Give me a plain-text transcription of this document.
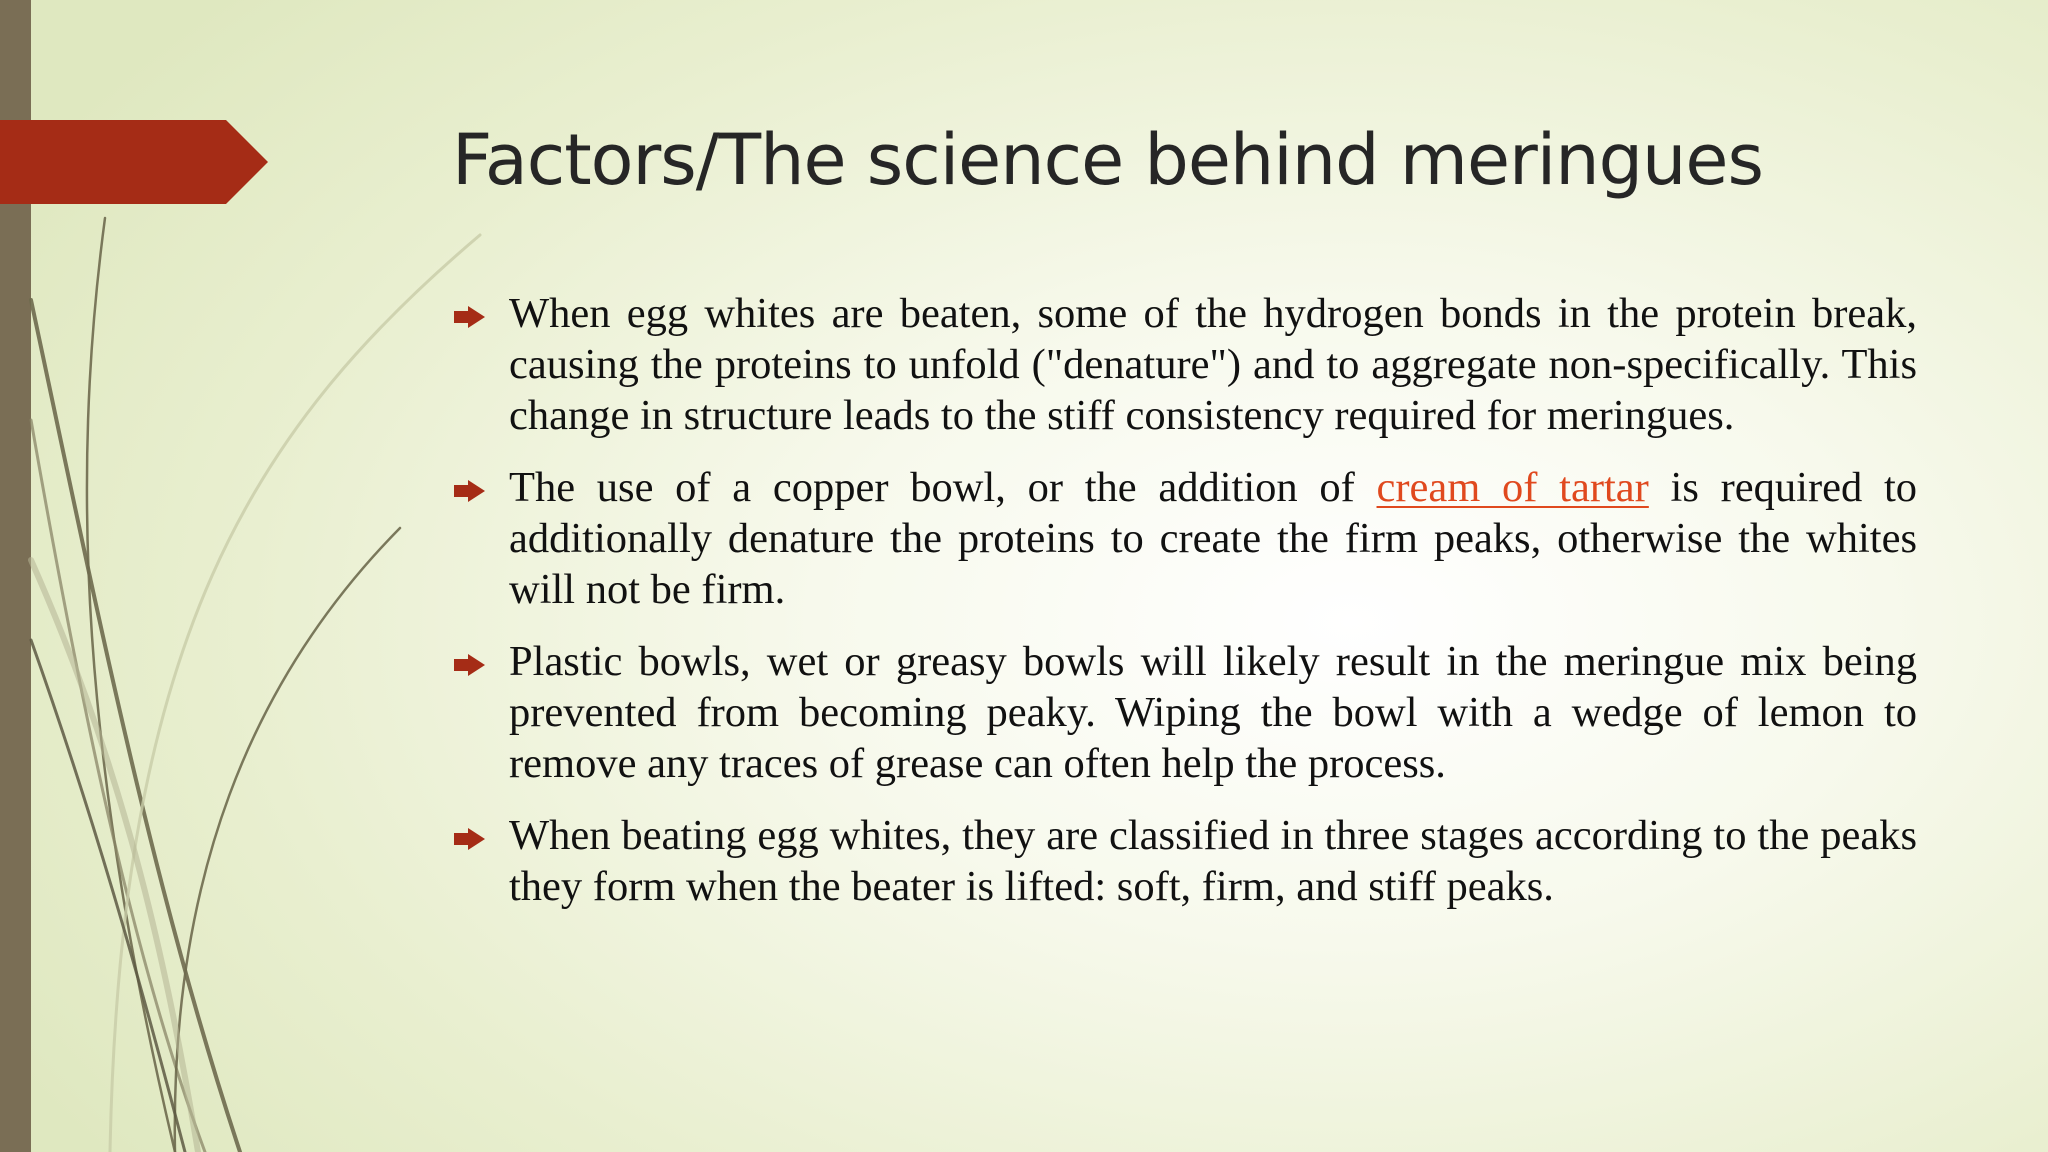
Factors/The science behind meringues
When egg whites are beaten, some of the hydrogen bonds in the protein break, causing the proteins to unfold ("denature") and to aggregate non-specifically. This change in structure leads to the stiff consistency required for meringues.
The use of a copper bowl, or the addition of cream of tartar is required to additionally denature the proteins to create the firm peaks, otherwise the whites will not be firm.
Plastic bowls, wet or greasy bowls will likely result in the meringue mix being prevented from becoming peaky. Wiping the bowl with a wedge of lemon to remove any traces of grease can often help the process.
When beating egg whites, they are classified in three stages according to the peaks they form when the beater is lifted: soft, firm, and stiff peaks.
